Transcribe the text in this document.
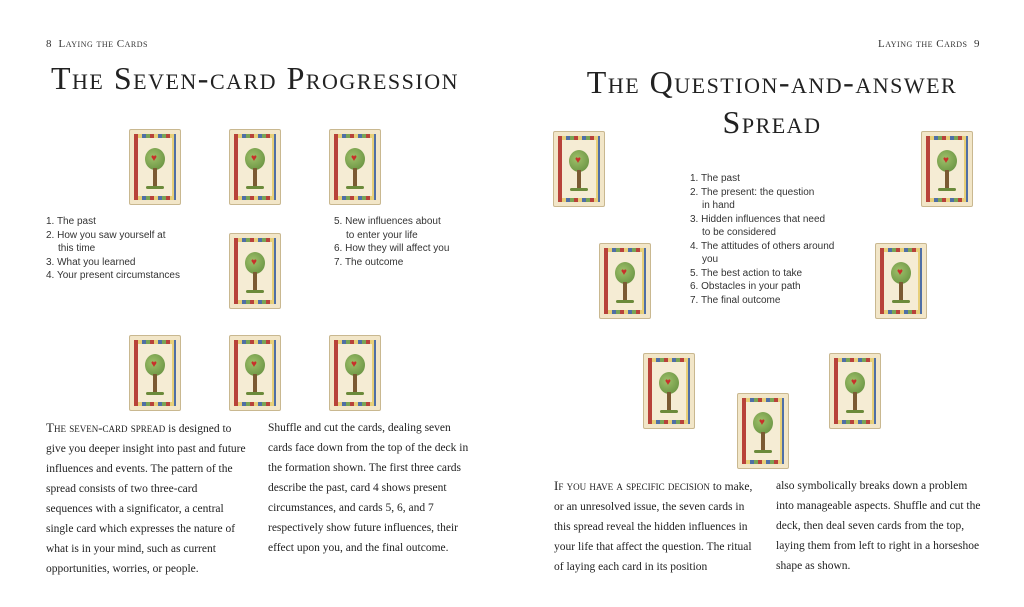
8 Laying the Cards
The Seven-card Progression
♥	♥	♥
♥
♥	♥	♥
1. The past
2. How you saw yourself at
this time
3. What you learned
4. Your present circumstances
5. New influences about
to enter your life
6. How they will affect you
7. The outcome
The seven-card spread is designed to give you deeper insight into past and future influences and events. The pattern of the spread consists of two three-card sequences with a significator, a central single card which expresses the nature of what is in your mind, such as current opportunities, worries, or people.
Shuffle and cut the cards, dealing seven cards face down from the top of the deck in the formation shown. The first three cards describe the past, card 4 shows present circumstances, and cards 5, 6, and 7 respectively show future influences, their effect upon you, and the final outcome.
Laying the Cards 9
The Question-and-answer
Spread
♥
♥
♥
♥
♥
♥
♥
1. The past
2. The present: the question
in hand
3. Hidden influences that need
to be considered
4. The attitudes of others around
you
5. The best action to take
6. Obstacles in your path
7. The final outcome
If you have a specific decision to make, or an unresolved issue, the seven cards in this spread reveal the hidden influences in your life that affect the question. The ritual of laying each card in its position
also symbolically breaks down a problem into manageable aspects. Shuffle and cut the deck, then deal seven cards from the top, laying them from left to right in a horseshoe shape as shown.
